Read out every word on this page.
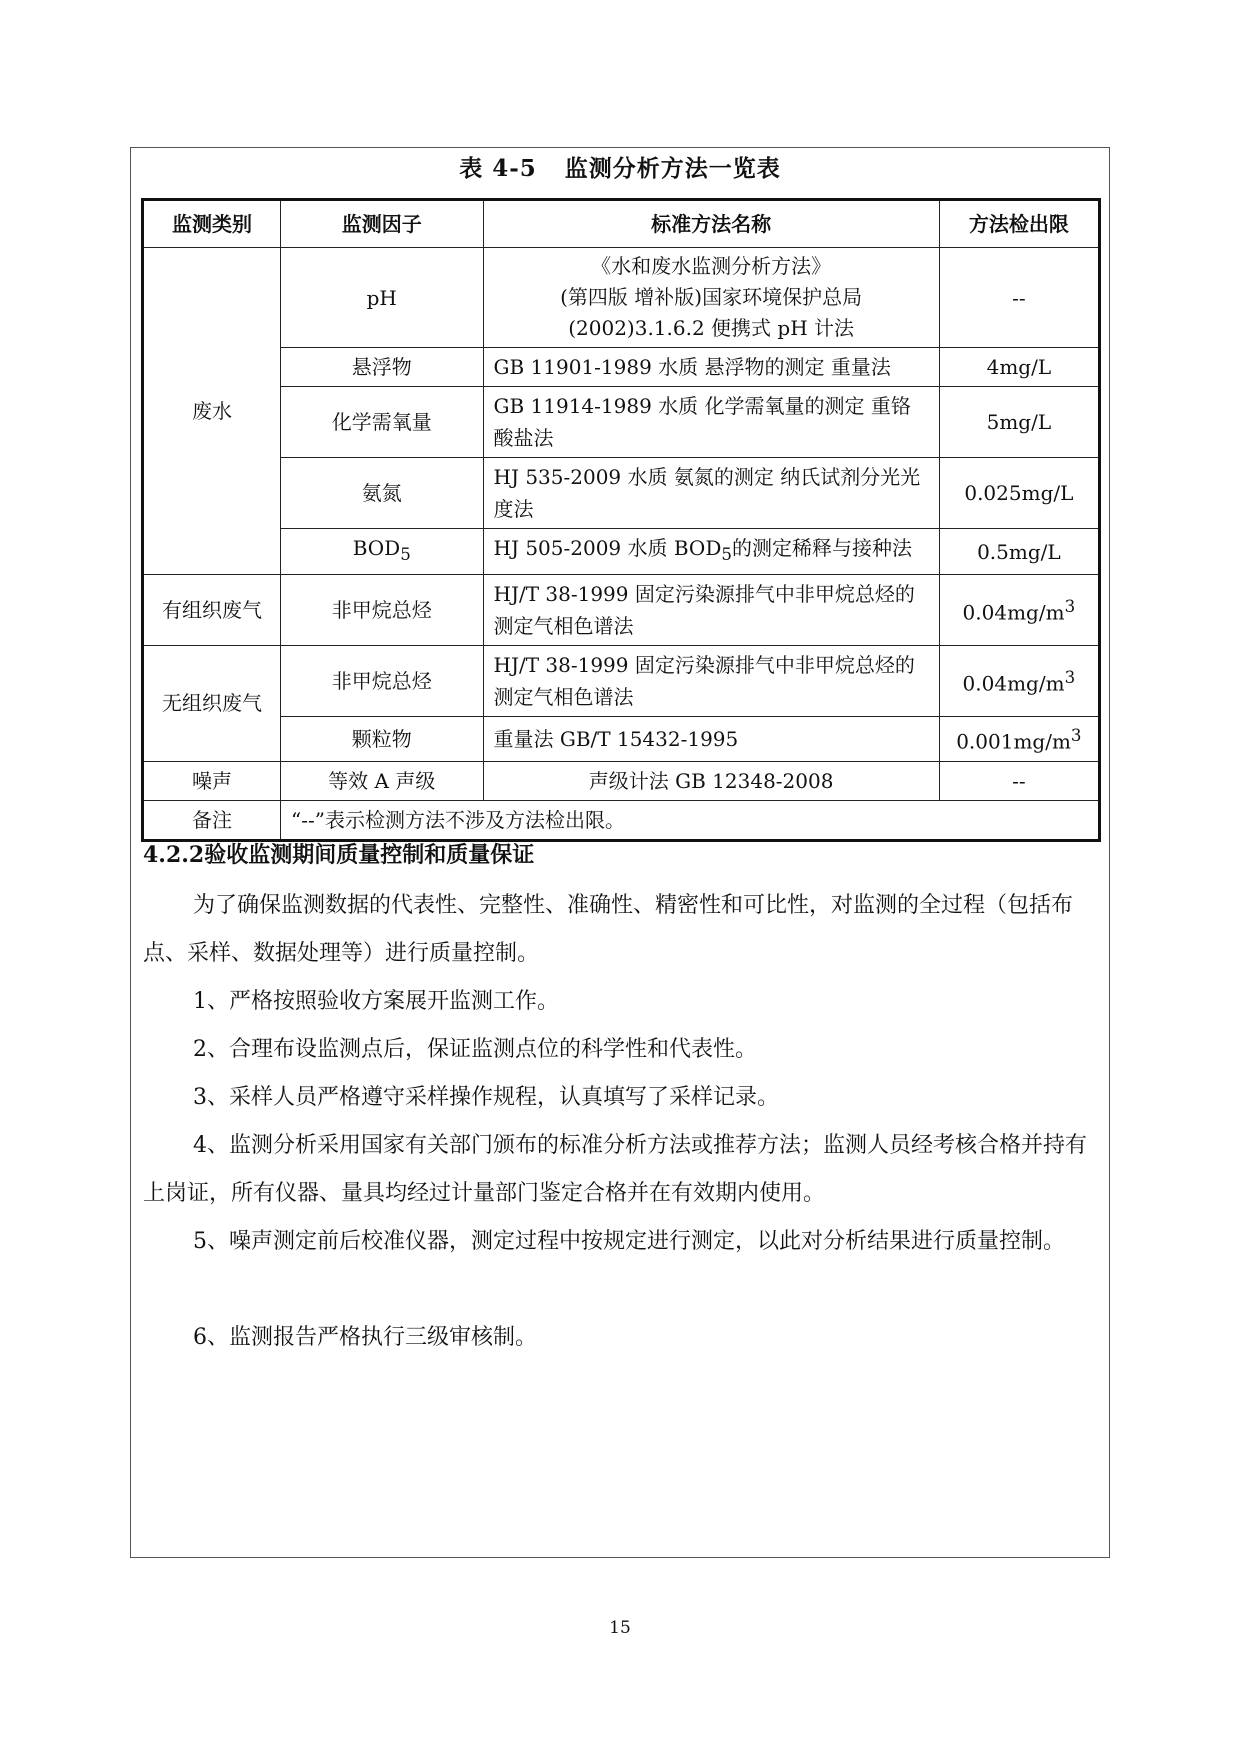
表 4-5 监测分析方法一览表
监测类别	监测因子	标准方法名称	方法检出限
废水	pH	《水和废水监测分析方法》
(第四版 增补版)国家环境保护总局
(2002)3.1.6.2 便携式 pH 计法	--
	悬浮物	GB 11901-1989 水质 悬浮物的测定 重量法	4mg/L
	化学需氧量	GB 11914-1989 水质 化学需氧量的测定 重铬酸盐法	5mg/L
	氨氮	HJ 535-2009 水质 氨氮的测定 纳氏试剂分光光度法	0.025mg/L
	$BOD_5$	HJ 505-2009 水质 $BOD_5$的测定稀释与接种法	0.5mg/L
有组织废气	非甲烷总烃	HJ/T 38-1999 固定污染源排气中非甲烷总烃的测定气相色谱法	$0.04mg/m^3$
无组织废气	非甲烷总烃	HJ/T 38-1999 固定污染源排气中非甲烷总烃的测定气相色谱法	$0.04mg/m^3$
	颗粒物	重量法 GB/T 15432-1995	$0.001mg/m^3$
噪声	等效 A 声级	声级计法 GB 12348-2008	--
备注	“--”表示检测方法不涉及方法检出限。		
4.2.2验收监测期间质量控制和质量保证

为了确保监测数据的代表性、完整性、准确性、精密性和可比性，对监测的全过程（包括布点、采样、数据处理等）进行质量控制。

1、严格按照验收方案展开监测工作。

2、合理布设监测点后，保证监测点位的科学性和代表性。

3、采样人员严格遵守采样操作规程，认真填写了采样记录。

4、监测分析采用国家有关部门颁布的标准分析方法或推荐方法；监测人员经考核合格并持有上岗证，所有仪器、量具均经过计量部门鉴定合格并在有效期内使用。

5、噪声测定前后校准仪器，测定过程中按规定进行测定，以此对分析结果进行质量控制。

6、监测报告严格执行三级审核制。

15
